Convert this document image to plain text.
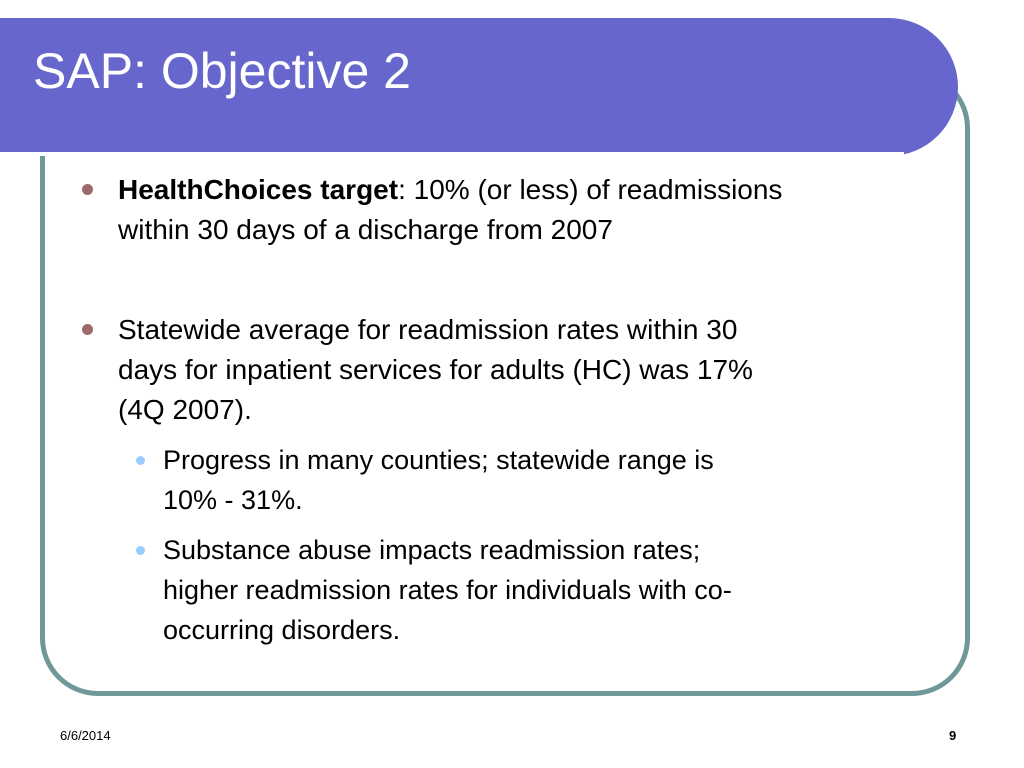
SAP: Objective 2
HealthChoices target: 10% (or less) of readmissions
within 30 days of a discharge from 2007
Statewide average for readmission rates within 30
days for inpatient services for adults (HC) was 17%
(4Q 2007).
Progress in many counties; statewide range is
10% - 31%.
Substance abuse impacts readmission rates;
higher readmission rates for individuals with co-
occurring disorders.
6/6/2014	9
